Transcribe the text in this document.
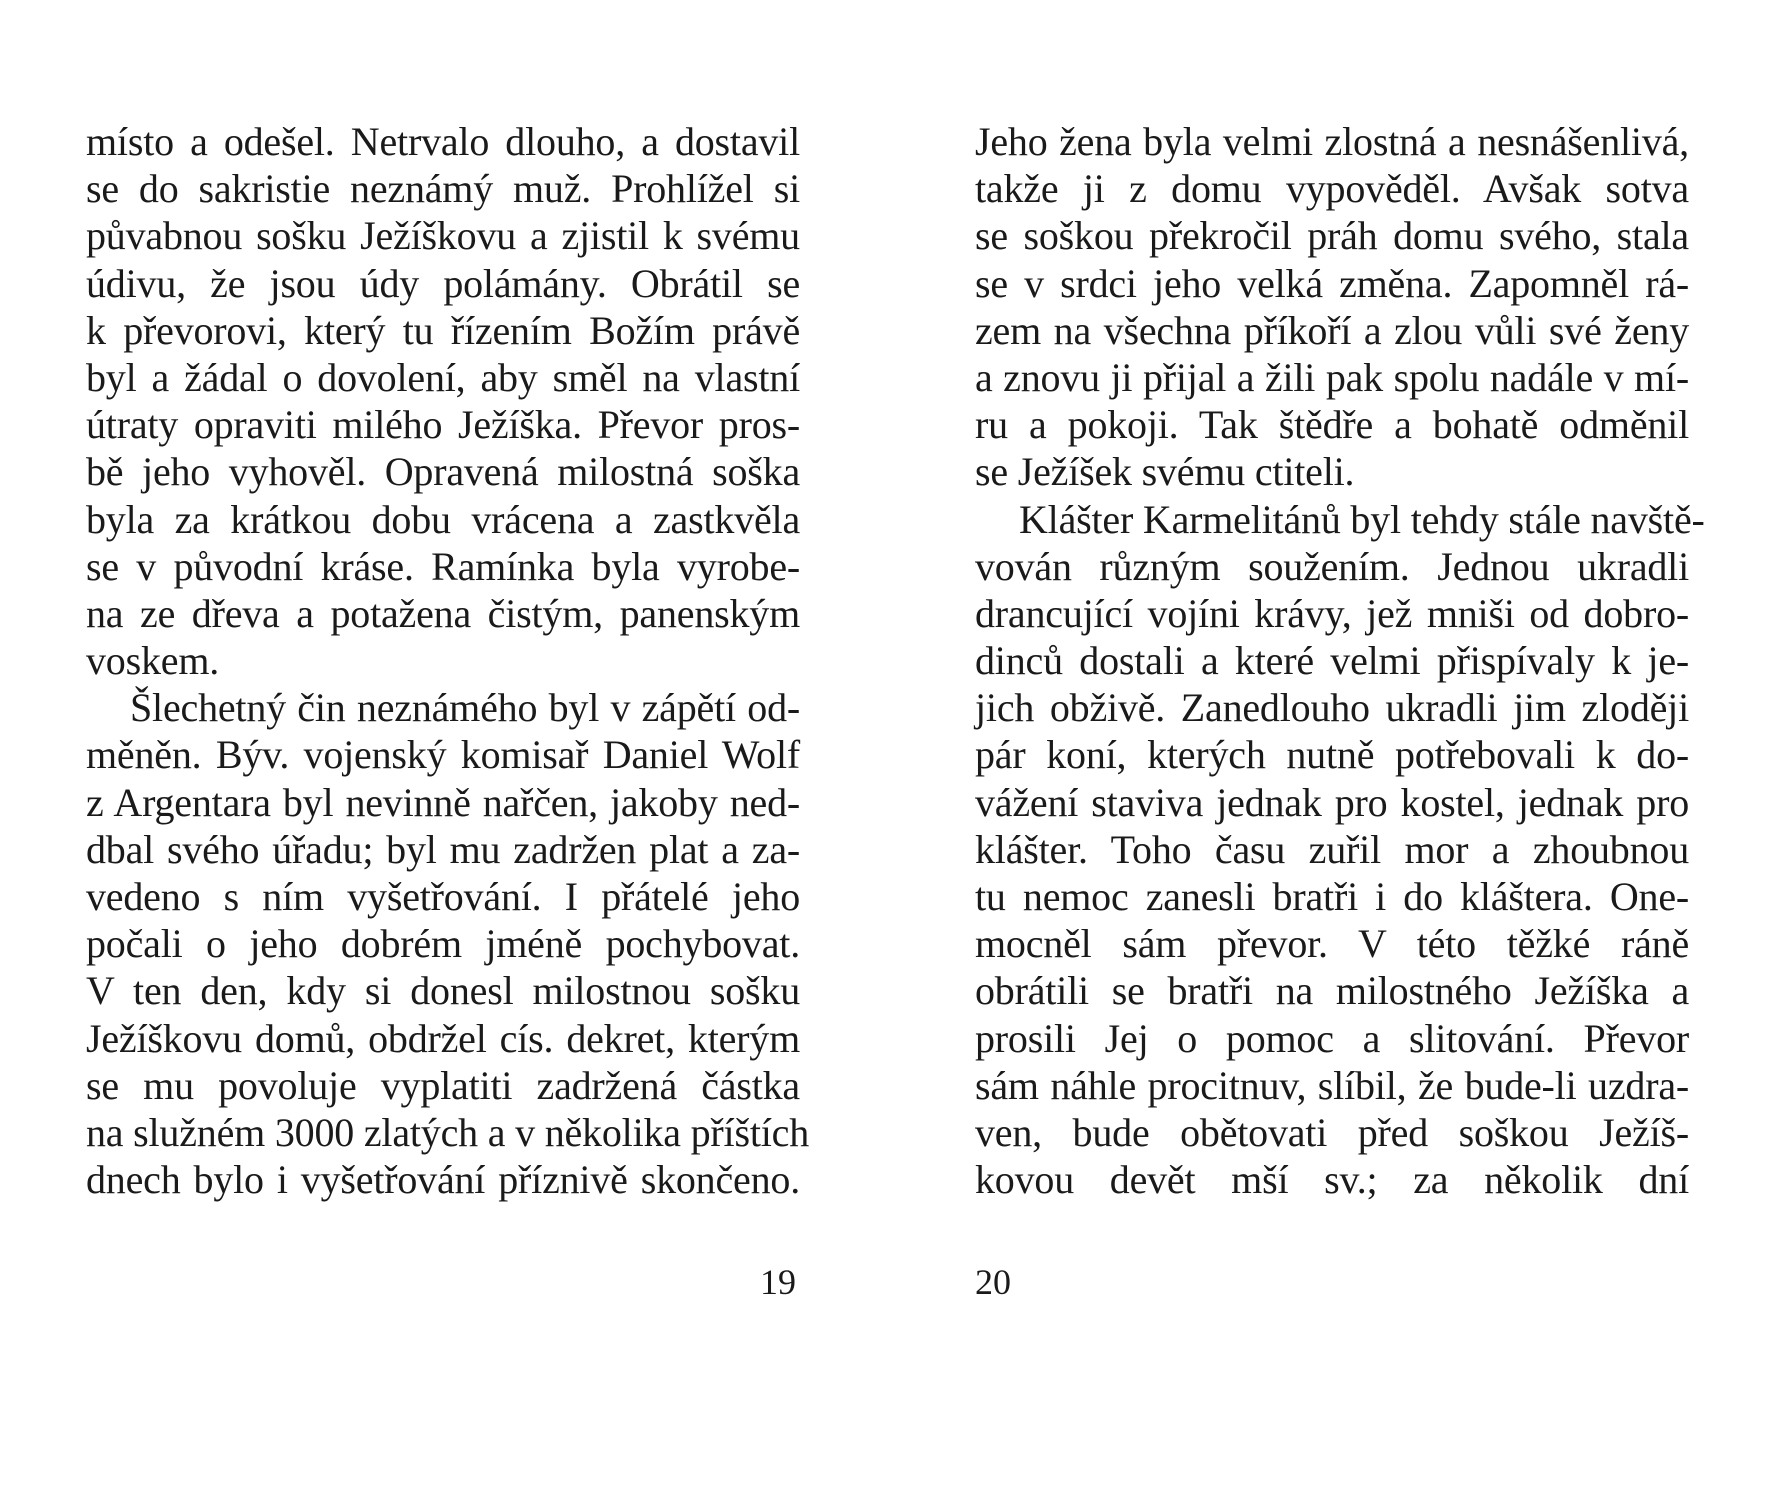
místo a odešel. Netrvalo dlouho, a dostavil
se do sakristie neznámý muž. Prohlížel si
půvabnou sošku Ježíškovu a zjistil k svému
údivu, že jsou údy polámány. Obrátil se
k převorovi, který tu řízením Božím právě
byl a žádal o dovolení, aby směl na vlastní
útraty opraviti milého Ježíška. Převor pros-
bě jeho vyhověl. Opravená milostná soška
byla za krátkou dobu vrácena a zastkvěla
se v původní kráse. Ramínka byla vyrobe-
na ze dřeva a potažena čistým, panenským
voskem.
Šlechetný čin neznámého byl v zápětí od-
měněn. Býv. vojenský komisař Daniel Wolf
z Argentara byl nevinně nařčen, jakoby ned-
dbal svého úřadu; byl mu zadržen plat a za-
vedeno s ním vyšetřování. I přátelé jeho
počali o jeho dobrém jméně pochybovat.
V ten den, kdy si donesl milostnou sošku
Ježíškovu domů, obdržel cís. dekret, kterým
se mu povoluje vyplatiti zadržená částka
na služném 3000 zlatých a v několika příštích
dnech bylo i vyšetřování příznivě skončeno.
19
Jeho žena byla velmi zlostná a nesnášenlivá,
takže ji z domu vypověděl. Avšak sotva
se soškou překročil práh domu svého, stala
se v srdci jeho velká změna. Zapomněl rá-
zem na všechna příkoří a zlou vůli své ženy
a znovu ji přijal a žili pak spolu nadále v mí-
ru a pokoji. Tak štědře a bohatě odměnil
se Ježíšek svému ctiteli.
Klášter Karmelitánů byl tehdy stále navště-
vován různým soužením. Jednou ukradli
drancující vojíni krávy, jež mniši od dobro-
dinců dostali a které velmi přispívaly k je-
jich obživě. Zanedlouho ukradli jim zloději
pár koní, kterých nutně potřebovali k do-
vážení staviva jednak pro kostel, jednak pro
klášter. Toho času zuřil mor a zhoubnou
tu nemoc zanesli bratři i do kláštera. One-
mocněl sám převor. V této těžké ráně
obrátili se bratři na milostného Ježíška a
prosili Jej o pomoc a slitování. Převor
sám náhle procitnuv, slíbil, že bude-li uzdra-
ven, bude obětovati před soškou Ježíš-
kovou devět mší sv.; za několik dní
20
